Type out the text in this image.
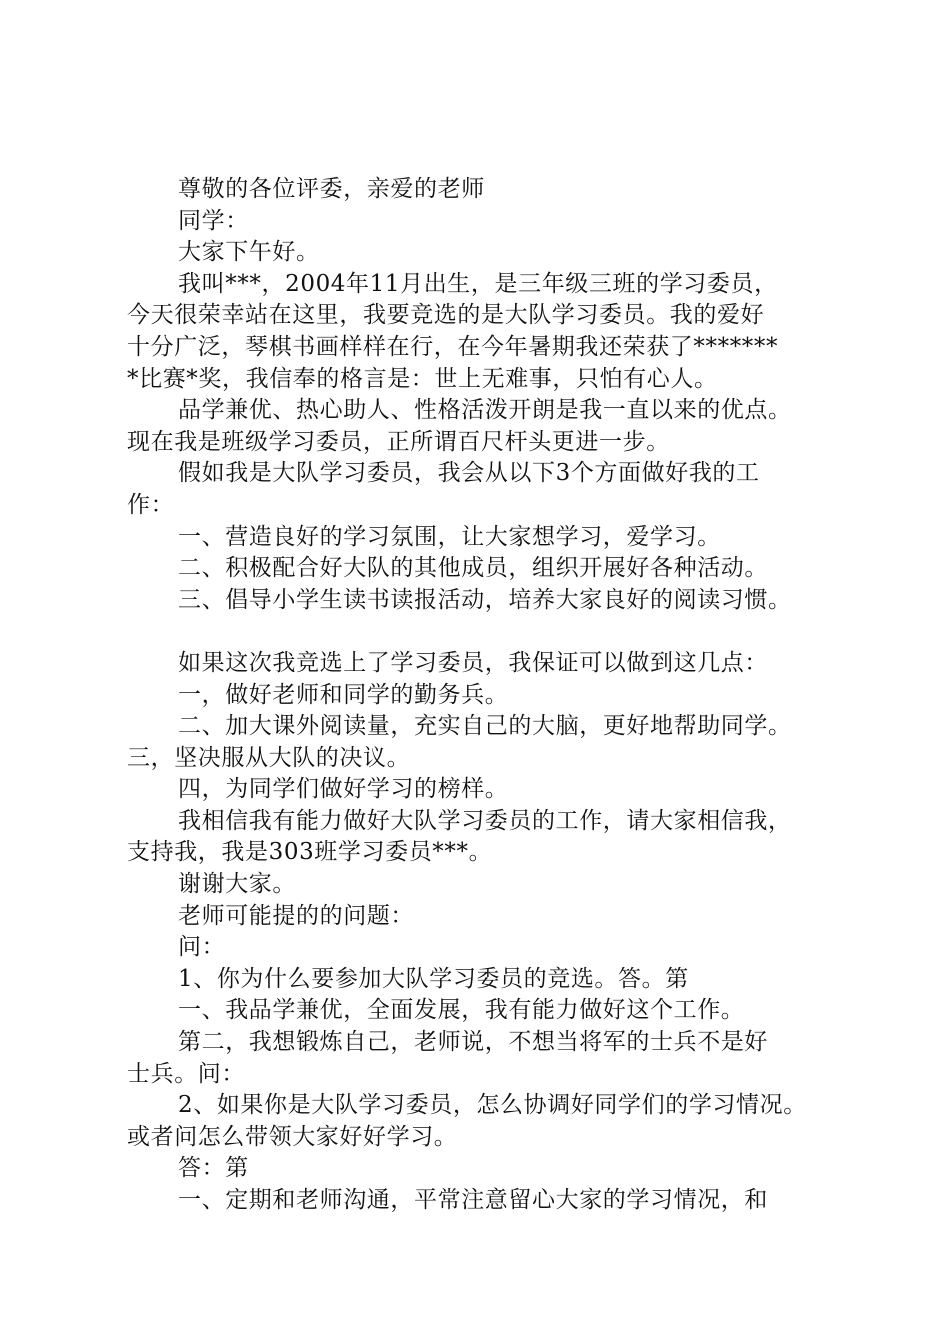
尊敬的各位评委，亲爱的老师
同学：
大家下午好。
我叫***，2004年11月出生，是三年级三班的学习委员，
今天很荣幸站在这里，我要竞选的是大队学习委员。我的爱好
十分广泛，琴棋书画样样在行，在今年暑期我还荣获了*******
*比赛*奖，我信奉的格言是：世上无难事，只怕有心人。
品学兼优、热心助人、性格活泼开朗是我一直以来的优点。
现在我是班级学习委员，正所谓百尺杆头更进一步。
假如我是大队学习委员，我会从以下3个方面做好我的工
作：
一、营造良好的学习氛围，让大家想学习，爱学习。
二、积极配合好大队的其他成员，组织开展好各种活动。
三、倡导小学生读书读报活动，培养大家良好的阅读习惯。
如果这次我竞选上了学习委员，我保证可以做到这几点：
一，做好老师和同学的勤务兵。
二、加大课外阅读量，充实自己的大脑，更好地帮助同学。
三，坚决服从大队的决议。
四，为同学们做好学习的榜样。
我相信我有能力做好大队学习委员的工作，请大家相信我，
支持我，我是303班学习委员***。
谢谢大家。
老师可能提的的问题：
问：
1、你为什么要参加大队学习委员的竞选。答。第
一、我品学兼优，全面发展，我有能力做好这个工作。
第二，我想锻炼自己，老师说，不想当将军的士兵不是好
士兵。问：
2、如果你是大队学习委员，怎么协调好同学们的学习情况。
或者问怎么带领大家好好学习。
答：第
一、定期和老师沟通，平常注意留心大家的学习情况，和
